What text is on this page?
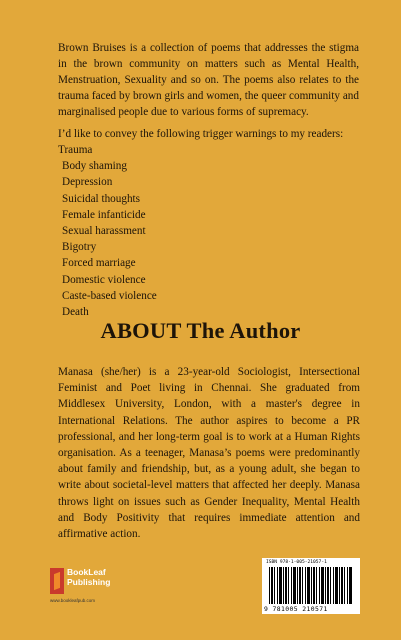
Brown Bruises is a collection of poems that addresses the stigma in the brown community on matters such as Mental Health, Menstruation, Sexuality and so on. The poems also relates to the trauma faced by brown girls and women, the queer community and marginalised people due to various forms of supremacy.

I’d like to convey the following trigger warnings to my readers:

Trauma
Body shaming
Depression
Suicidal thoughts
Female infanticide
Sexual harassment
Bigotry
Forced marriage
Domestic violence
Caste-based violence
Death
ABOUT The Author

Manasa (she/her) is a 23-year-old Sociologist, Intersectional Feminist and Poet living in Chennai. She graduated from Middlesex University, London, with a master's degree in International Relations. The author aspires to become a PR professional, and her long-term goal is to work at a Human Rights organisation. As a teenager, Manasa’s poems were predominantly about family and friendship, but, as a young adult, she began to write about societal-level matters that affected her deeply. Manasa throws light on issues such as Gender Inequality, Mental Health and Body Positivity that requires immediate attention and affirmative action.

BookLeaf
Publishing
www.bookleafpub.com
ISBN 978-1-005-21057-1
9 781005 210571
